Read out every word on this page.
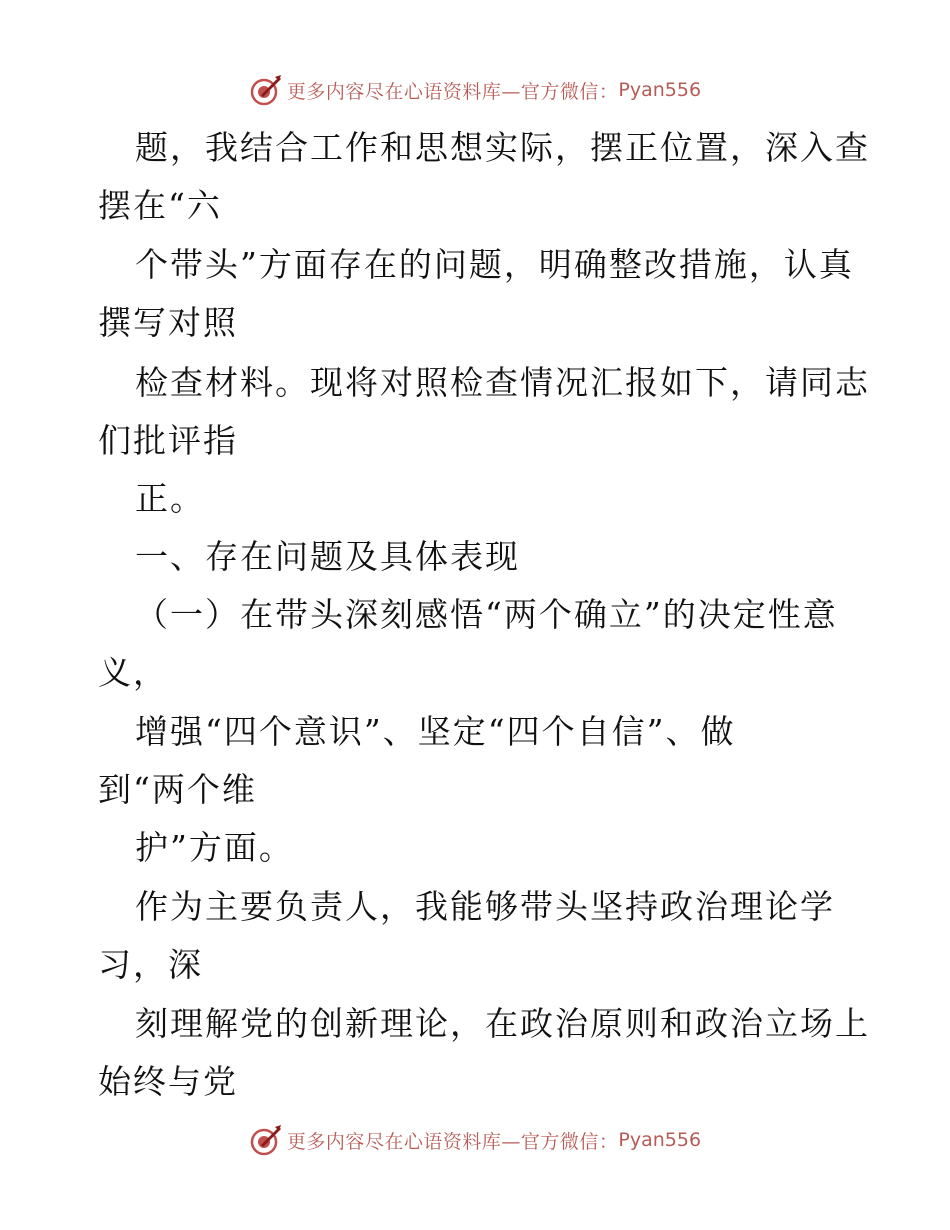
更多内容尽在心语资料库—官方微信： Pyan556
题，我结合工作和思想实际，摆正位置，深入查
摆在“六
个带头”方面存在的问题，明确整改措施，认真
撰写对照
检查材料。现将对照检查情况汇报如下，请同志
们批评指
正。
一、存在问题及具体表现
（一）在带头深刻感悟“两个确立”的决定性意
义，
增强“四个意识”、坚定“四个自信”、做
到“两个维
护”方面。
作为主要负责人，我能够带头坚持政治理论学
习，深
刻理解党的创新理论，在政治原则和政治立场上
始终与党
更多内容尽在心语资料库—官方微信： Pyan556
